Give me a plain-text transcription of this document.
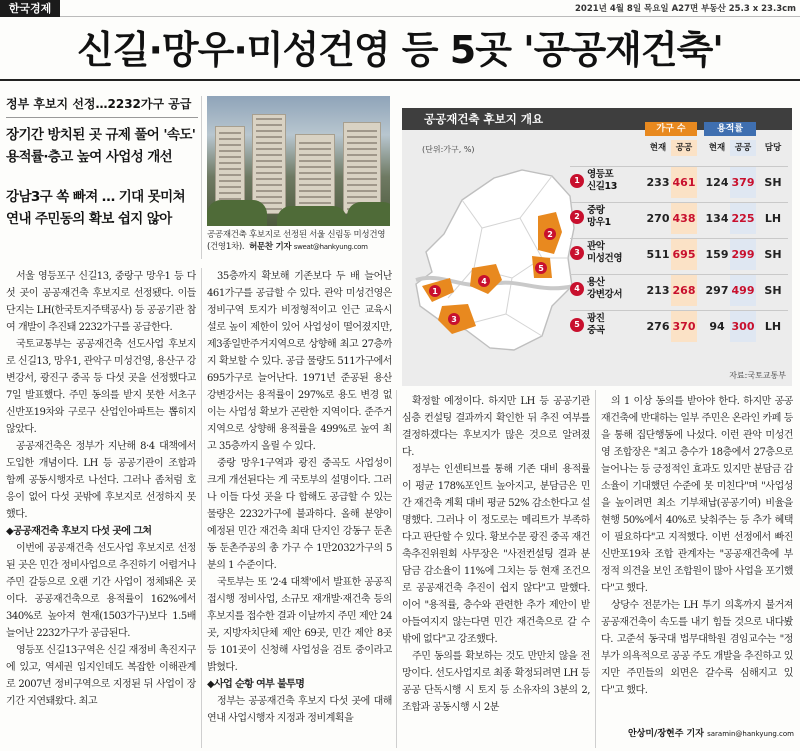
한국경제	2021년 4월 8일 목요일 A27면 부동산 25.3 x 23.3cm
신길·망우·미성건영 등 5곳 '공공재건축'
정부 후보지 선정…2232가구 공급
장기간 방치된 곳 규제 풀어 '속도'
용적률·층고 높여 사업성 개선
강남3구 쏙 빠져 … 기대 못미쳐
연내 주민동의 확보 쉽지 않아
공공재건축 후보지로 선정된 서울 신림동 미성건영(건영1차). 허문찬 기자 sweat@hankyung.com
공공재건축 후보지 개요
(단위:가구, %)
1
2
3
4
5
가구 수	용적률
현재	공공	현재	공공	담당
1
영등포
신길13	233 461 124 379 SH
2
중랑
망우1	270 438 134 225 LH
3
관악
미성건영	511 695 159 299 SH
4
용산
강변강서	213 268 297 499 SH
5
광진
중곡	276 370	94 300 LH
자료:국토교통부

서울 영등포구 신길13, 중랑구 망우1 등 다섯 곳이 공공재건축 후보지로 선정됐다. 이들 단지는 LH(한국토지주택공사) 등 공공기관 참여 개발이 추진돼 2232가구를 공급한다.

국토교통부는 공공재건축 선도사업 후보지로 신길13, 망우1, 관악구 미성건영, 용산구 강변강서, 광진구 중곡 등 다섯 곳을 선정했다고 7일 발표했다. 주민 동의를 받지 못한 서초구 신반포19차와 구로구 산업인아파트는 뽑히지 않았다.

공공재건축은 정부가 지난해 8·4 대책에서 도입한 개념이다. LH 등 공공기관이 조합과 함께 공동시행자로 나선다. 그러나 좀처럼 호응이 없어 다섯 곳밖에 후보지로 선정하지 못했다.

◆공공재건축 후보지 다섯 곳에 그쳐

이번에 공공재건축 선도사업 후보지로 선정된 곳은 민간 정비사업으로 추진하기 어렵거나 주민 갈등으로 오랜 기간 사업이 정체돼온 곳이다. 공공재건축으로 용적률이 162%에서 340%로 높아져 현재(1503가구)보다 1.5배 늘어난 2232가구가 공급된다.

영등포 신길13구역은 신길 재정비 촉진지구에 있고, 역세권 입지인데도 복잡한 이해관계로 2007년 정비구역으로 지정된 뒤 사업이 장기간 지연돼왔다. 최고

35층까지 확보해 기존보다 두 배 늘어난 461가구를 공급할 수 있다. 관악 미성건영은 정비구역 토지가 비정형적이고 인근 교육시설로 높이 제한이 있어 사업성이 떨어졌지만, 제3종일반주거지역으로 상향해 최고 27층까지 확보할 수 있다. 공급 물량도 511가구에서 695가구로 늘어난다. 1971년 준공된 용산 강변강서는 용적률이 297%로 용도 변경 없이는 사업성 확보가 곤란한 지역이다. 준주거지역으로 상향해 용적률을 499%로 높여 최고 35층까지 올릴 수 있다.

중랑 망우1구역과 광진 중곡도 사업성이 크게 개선된다는 게 국토부의 설명이다. 그러나 이들 다섯 곳을 다 합해도 공급할 수 있는 물량은 2232가구에 불과하다. 올해 분양이 예정된 민간 재건축 최대 단지인 강동구 둔촌동 둔촌주공의 총 가구 수 1만2032가구의 5분의 1 수준이다.

국토부는 또 '2·4 대책'에서 발표한 공공직접시행 정비사업, 소규모 재개발·재건축 등의 후보지를 접수한 결과 이날까지 주민 제안 24곳, 지방자치단체 제안 69곳, 민간 제안 8곳 등 101곳이 신청해 사업성을 검토 중이라고 밝혔다.

◆사업 순항 여부 불투명

정부는 공공재건축 후보지 다섯 곳에 대해 연내 사업시행자 지정과 정비계획을

확정할 예정이다. 하지만 LH 등 공공기관 심층 컨설팅 결과까지 확인한 뒤 추진 여부를 결정하겠다는 후보지가 많은 것으로 알려졌다.

정부는 인센티브를 통해 기존 대비 용적률이 평균 178%포인트 높아지고, 분담금은 민간 재건축 계획 대비 평균 52% 감소한다고 설명했다. 그러나 이 정도로는 메리트가 부족하다고 판단할 수 있다. 황보수문 광진 중곡 재건축추진위원회 사무장은 "사전컨설팅 결과 분담금 감소율이 11%에 그치는 등 현재 조건으로 공공재건축 추진이 쉽지 않다"고 말했다. 이어 "용적률, 층수와 관련한 추가 제안이 받아들여지지 않는다면 민간 재건축으로 갈 수밖에 없다"고 강조했다.

주민 동의를 확보하는 것도 만만치 않을 전망이다. 선도사업지로 최종 확정되려면 LH 등 공공 단독시행 시 토지 등 소유자의 3분의 2, 조합과 공동시행 시 2분

의 1 이상 동의를 받아야 한다. 하지만 공공재건축에 반대하는 일부 주민은 온라인 카페 등을 통해 집단행동에 나섰다. 이런 관악 미성건영 조합장은 "최고 층수가 18층에서 27층으로 늘어나는 등 긍정적인 효과도 있지만 분담금 감소율이 기대했던 수준에 못 미친다"며 "사업성을 높이려면 최소 기부채납(공공기여) 비율을 현행 50%에서 40%로 낮춰주는 등 추가 혜택이 필요하다"고 지적했다. 이번 선정에서 빠진 신반포19차 조합 관계자는 "공공재건축에 부정적 의견을 보인 조합원이 많아 사업을 포기했다"고 했다.

상당수 전문가는 LH 투기 의혹까지 불거져 공공재건축이 속도를 내기 힘들 것으로 내다봤다. 고준석 동국대 법무대학원 겸임교수는 "정부가 의욕적으로 공공 주도 개발을 추진하고 있지만 주민들의 외면은 갈수록 심해지고 있다"고 했다.

안상미/장현주 기자 saramin@hankyung.com
